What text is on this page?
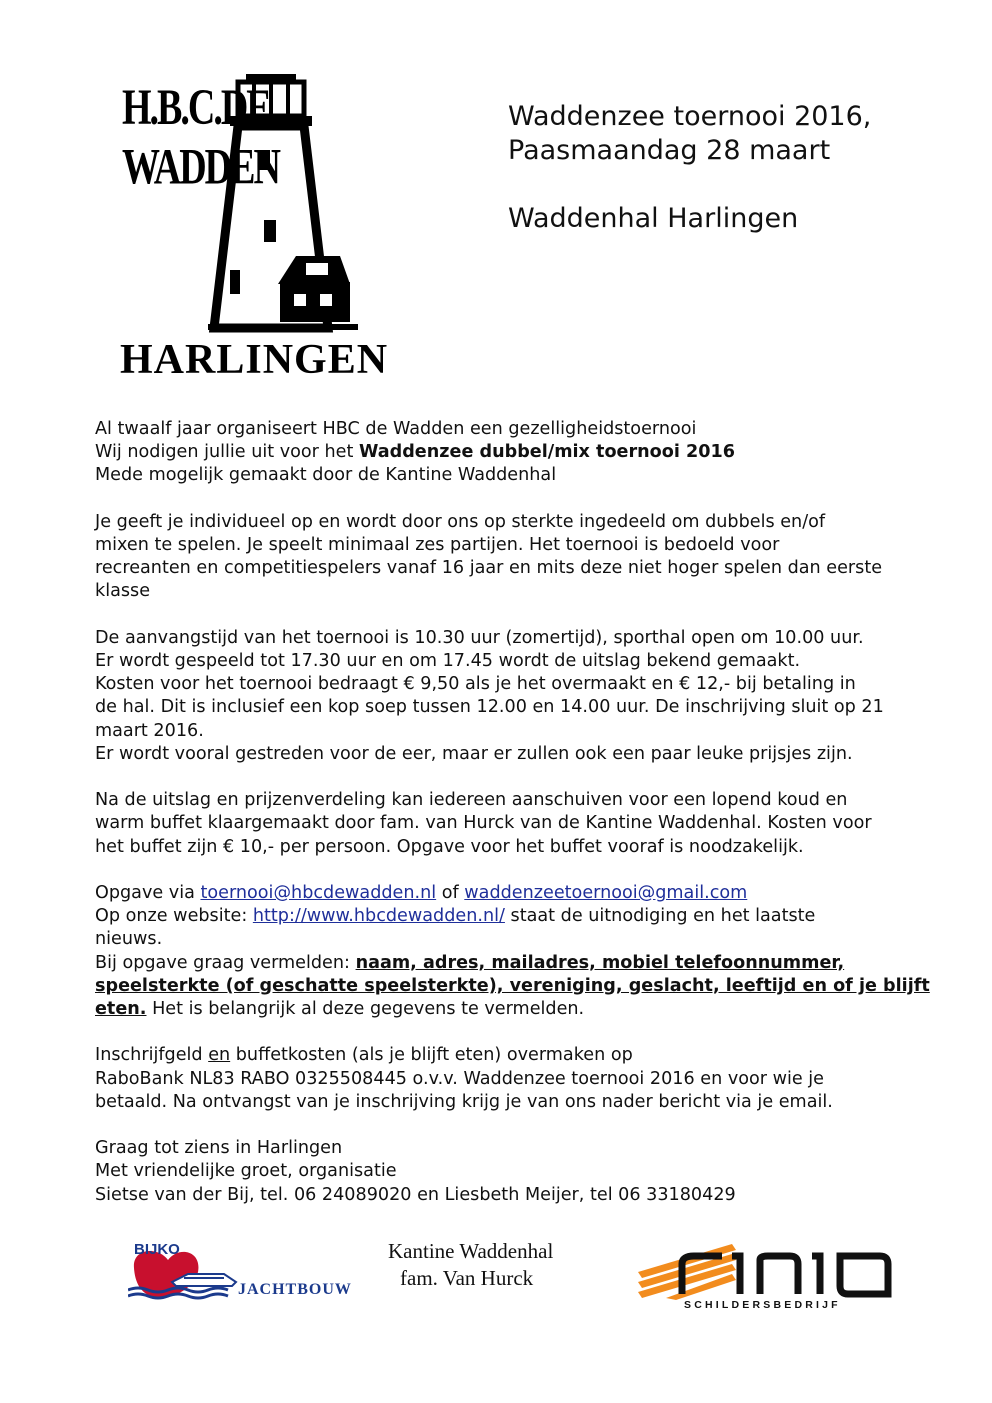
H.B.C.DE WADDEN
HARLINGEN
Waddenzee toernooi 2016,
Paasmaandag 28 maart
Waddenhal Harlingen

Al twaalf jaar organiseert HBC de Wadden een gezelligheidstoernooi
Wij nodigen jullie uit voor het Waddenzee dubbel/mix toernooi 2016
Mede mogelijk gemaakt door de Kantine Waddenhal

Je geeft je individueel op en wordt door ons op sterkte ingedeeld om dubbels en/of
mixen te spelen. Je speelt minimaal zes partijen. Het toernooi is bedoeld voor
recreanten en competitiespelers vanaf 16 jaar en mits deze niet hoger spelen dan eerste
klasse

De aanvangstijd van het toernooi is 10.30 uur (zomertijd), sporthal open om 10.00 uur.
Er wordt gespeeld tot 17.30 uur en om 17.45 wordt de uitslag bekend gemaakt.
Kosten voor het toernooi bedraagt € 9,50 als je het overmaakt en € 12,- bij betaling in
de hal. Dit is inclusief een kop soep tussen 12.00 en 14.00 uur. De inschrijving sluit op 21
maart 2016.
Er wordt vooral gestreden voor de eer, maar er zullen ook een paar leuke prijsjes zijn.

Na de uitslag en prijzenverdeling kan iedereen aanschuiven voor een lopend koud en
warm buffet klaargemaakt door fam. van Hurck van de Kantine Waddenhal. Kosten voor
het buffet zijn € 10,- per persoon. Opgave voor het buffet vooraf is noodzakelijk.

Opgave via toernooi@hbcdewadden.nl of waddenzeetoernooi@gmail.com
Op onze website: http://www.hbcdewadden.nl/ staat de uitnodiging en het laatste
nieuws.
Bij opgave graag vermelden: naam, adres, mailadres, mobiel telefoonnummer,
speelsterkte (of geschatte speelsterkte), vereniging, geslacht, leeftijd en of je blijft
eten. Het is belangrijk al deze gegevens te vermelden.

Inschrijfgeld en buffetkosten (als je blijft eten) overmaken op
RaboBank NL83 RABO 0325508445 o.v.v. Waddenzee toernooi 2016 en voor wie je
betaald. Na ontvangst van je inschrijving krijg je van ons nader bericht via je email.

Graag tot ziens in Harlingen
Met vriendelijke groet, organisatie
Sietse van der Bij, tel. 06 24089020 en Liesbeth Meijer, tel 06 33180429

BIJKO
JACHTBOUW
Kantine Waddenhal
fam. Van Hurck
SCHILDERSBEDRIJF
